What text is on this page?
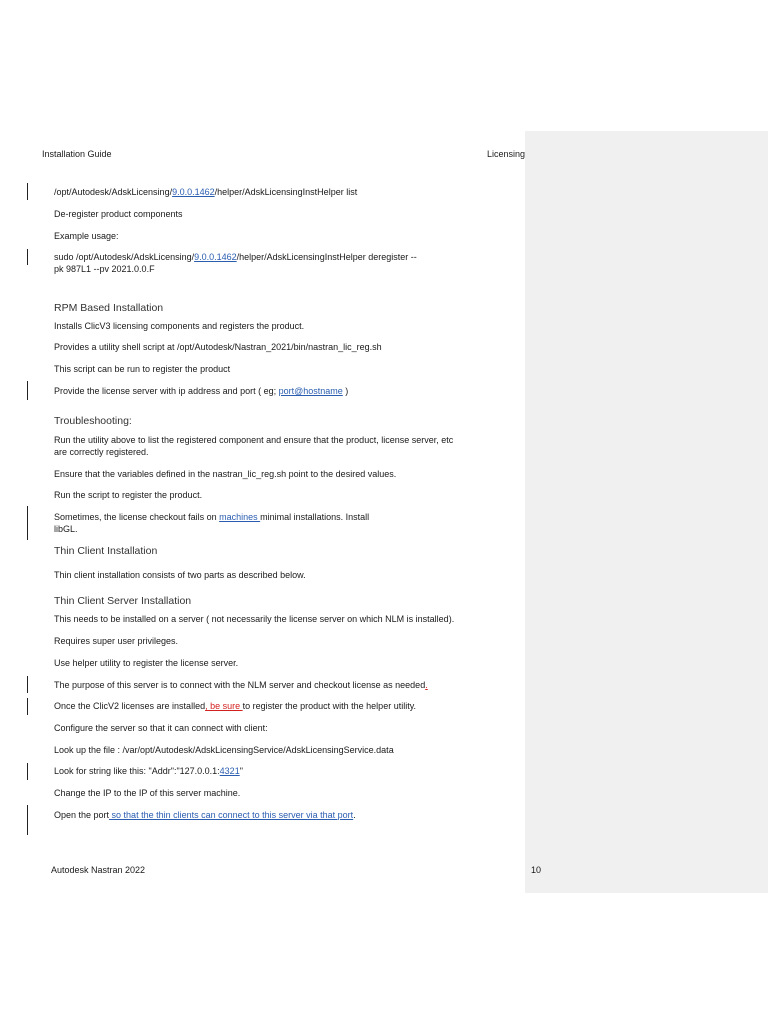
Installation Guide	Licensing
/opt/Autodesk/AdskLicensing/9.0.0.1462/helper/AdskLicensingInstHelper list
De-register product components
Example usage:
sudo /opt/Autodesk/AdskLicensing/9.0.0.1462/helper/AdskLicensingInstHelper deregister --
pk 987L1 --pv 2021.0.0.F
RPM Based Installation
Installs ClicV3 licensing components and registers the product.
Provides a utility shell script at /opt/Autodesk/Nastran_2021/bin/nastran_lic_reg.sh
This script can be run to register the product
Provide the license server with ip address and port ( eg; port@hostname )
Troubleshooting:
Run the utility above to list the registered component and ensure that the product, license server, etc
are correctly registered.
Ensure that the variables defined in the nastran_lic_reg.sh point to the desired values.
Run the script to register the product.
Sometimes, the license checkout fails on machines minimal installations. Install
libGL.
Thin Client Installation
Thin client installation consists of two parts as described below.
Thin Client Server Installation
This needs to be installed on a server ( not necessarily the license server on which NLM is installed).
Requires super user privileges.
Use helper utility to register the license server.
The purpose of this server is to connect with the NLM server and checkout license as needed.
Once the ClicV2 licenses are installed, be sure to register the product with the helper utility.
Configure the server so that it can connect with client:
Look up the file : /var/opt/Autodesk/AdskLicensingService/AdskLicensingService.data
Look for string like this: "Addr":"127.0.0.1:4321"
Change the IP to the IP of this server machine.
Open the port so that the thin clients can connect to this server via that port.
Autodesk Nastran 2022	10
